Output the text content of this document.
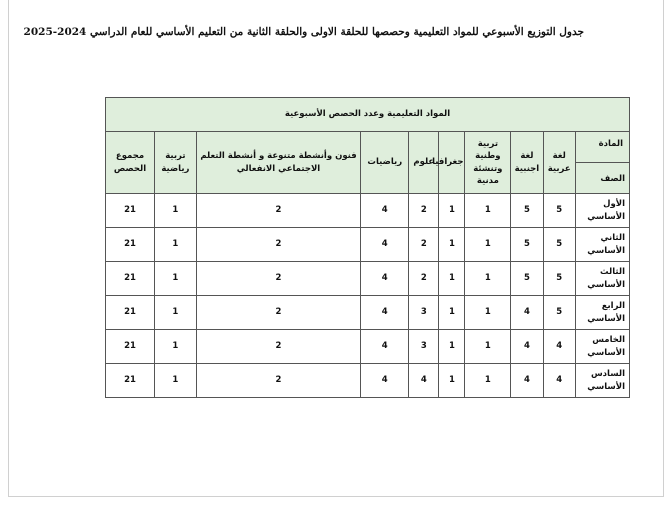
جدول التوزيع الأسبوعي للمواد التعليمية وحصصها للحلقة الاولى والحلقة الثانية من التعليم الأساسي للعام الدراسي 2024-2025
المواد التعليمية وعدد الحصص الأسبوعية									

المادة
الصف	لغة عربية	لغة اجنبية	تربية وطنية وتنشئة مدنية	جغرافيا	علوم	رياضيات	فنون وأنشطة متنوعة و أنشطة التعلم الاجتماعي الانفعالي	تربية رياضية	مجموع الحصص
الأول الأساسي	5	5	1	1	2	4	2	1	21
الثاني الأساسي	5	5	1	1	2	4	2	1	21
الثالث الأساسي	5	5	1	1	2	4	2	1	21
الرابع الأساسي	5	4	1	1	3	4	2	1	21
الخامس الأساسي	4	4	1	1	3	4	2	1	21
السادس الأساسي	4	4	1	1	4	4	2	1	21
